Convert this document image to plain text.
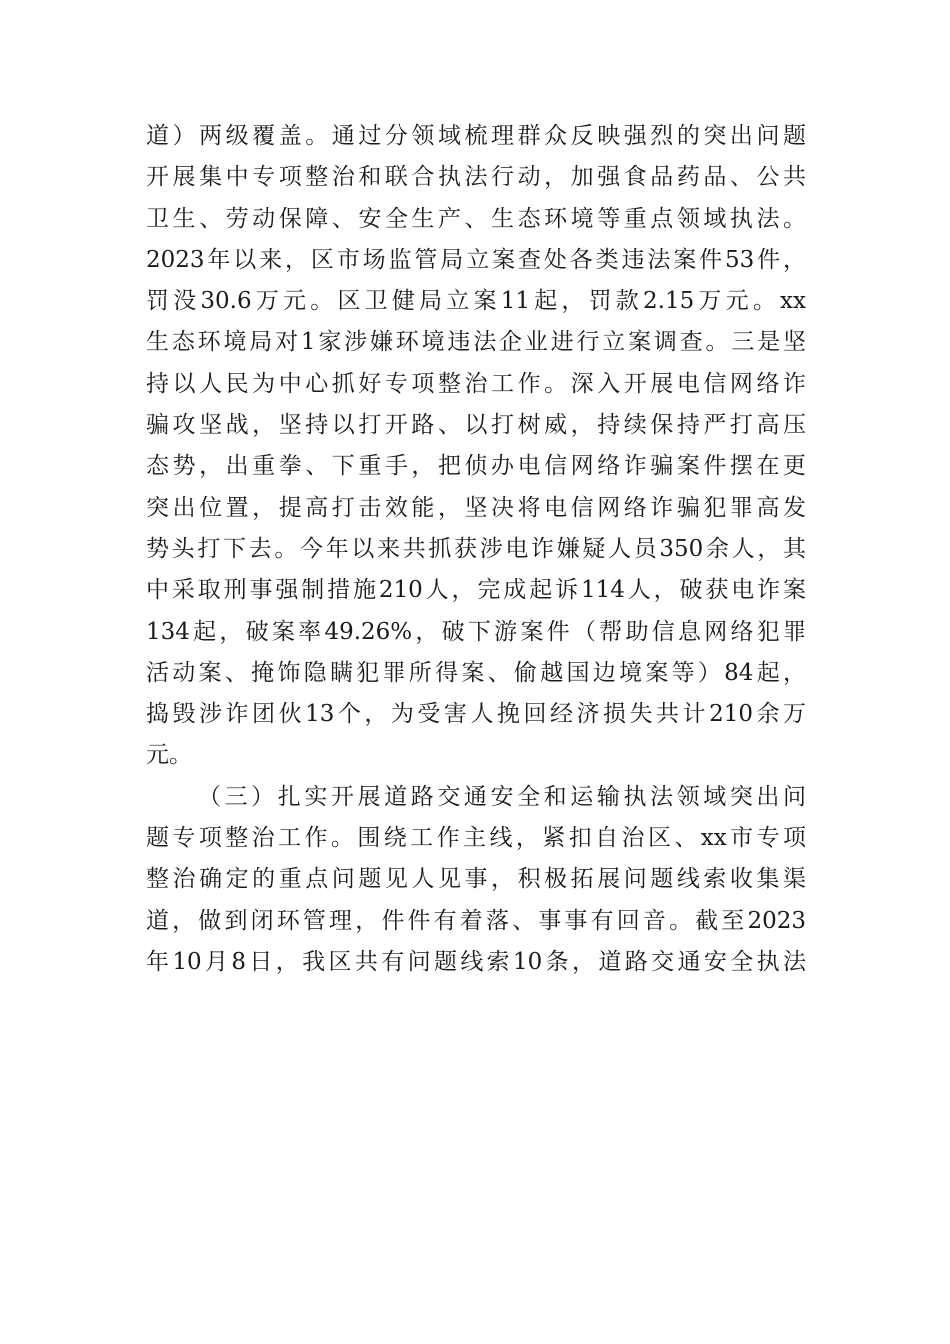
道）两级覆盖。通过分领域梳理群众反映强烈的突出问题
开展集中专项整治和联合执法行动，加强食品药品、公共
卫生、劳动保障、安全生产、生态环境等重点领域执法。
2023年以来，区市场监管局立案查处各类违法案件53件，
罚没30.6万元。区卫健局立案11起，罚款2.15万元。xx
生态环境局对1家涉嫌环境违法企业进行立案调查。三是坚
持以人民为中心抓好专项整治工作。深入开展电信网络诈
骗攻坚战，坚持以打开路、以打树威，持续保持严打高压
态势，出重拳、下重手，把侦办电信网络诈骗案件摆在更
突出位置，提高打击效能，坚决将电信网络诈骗犯罪高发
势头打下去。今年以来共抓获涉电诈嫌疑人员350余人，其
中采取刑事强制措施210人，完成起诉114人，破获电诈案
134起，破案率49.26%，破下游案件（帮助信息网络犯罪
活动案、掩饰隐瞒犯罪所得案、偷越国边境案等）84起，
捣毁涉诈团伙13个，为受害人挽回经济损失共计210余万
元。
（三）扎实开展道路交通安全和运输执法领域突出问
题专项整治工作。围绕工作主线，紧扣自治区、xx市专项
整治确定的重点问题见人见事，积极拓展问题线索收集渠
道，做到闭环管理，件件有着落、事事有回音。截至2023
年10月8日，我区共有问题线索10条，道路交通安全执法
